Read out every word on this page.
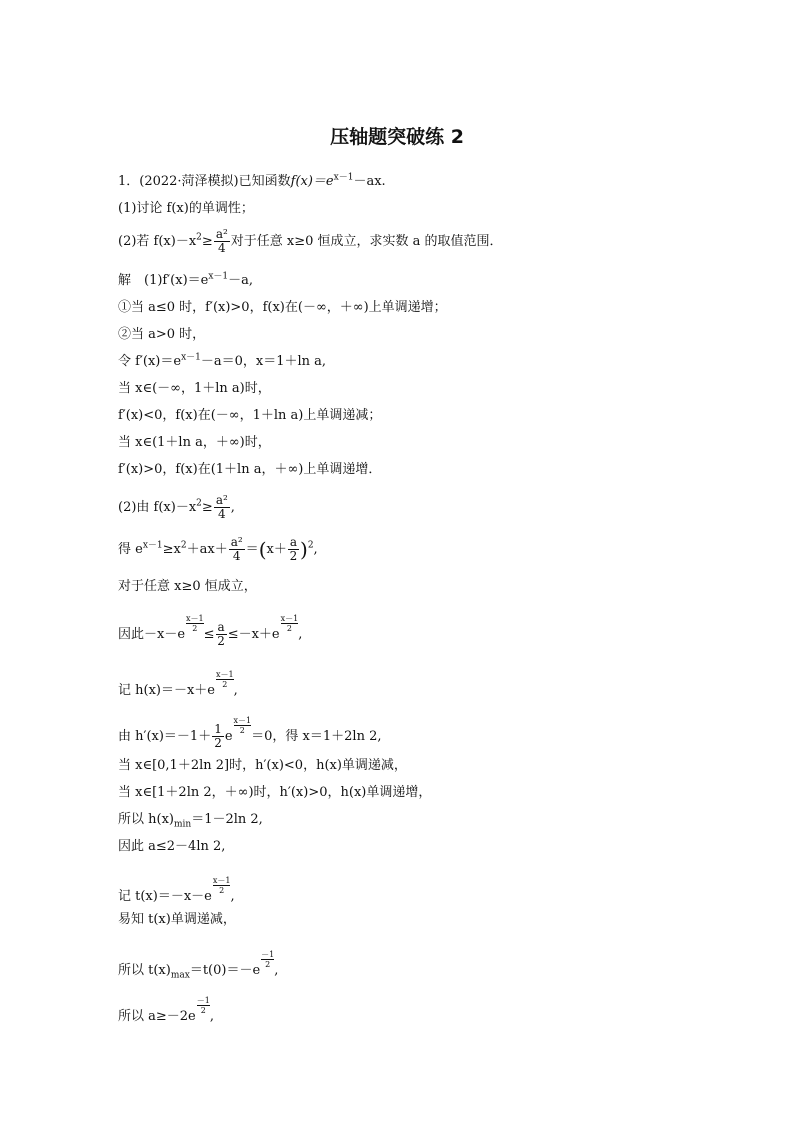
压轴题突破练 2
1．(2022·菏泽模拟)已知函数$f(x)=e^{x-1}-ax$.
(1)讨论 f(x)的单调性；
(2)若 $f(x)-x^2\ge \frac{\text{a²}}{4}$ 对于任意 x≥0 恒成立，求实数 a 的取值范围．
解　$(1)f'(x)=e^{x-1}-a$,
①当 a≤0 时，f′(x)>0，f(x)在(－∞，＋∞)上单调递增；
②当 a>0 时，
令 $f'(x)=e^{x-1}-a=0$，x＝1＋ln a,
当 x∈(－∞，1＋ln a)时，
f′(x)<0，f(x)在(－∞，1＋ln a)上单调递减；
当 x∈(1＋ln a，＋∞)时，
f′(x)>0，f(x)在(1＋ln a，＋∞)上单调递增．
(2)由 $f(x)-x^2\ge \frac{\text{a²}}{4}$ ,
得 $e^{x-1}\ge x^2+ax+ \frac{\text{a²}}{4} =(x+ \frac{a}{2} )^2$,
对于任意 x≥0 恒成立，
因此－x－e
$\frac{x-1}{2}$
≤ $\frac{a}{2} \le-x+e$
$\frac{x-1}{2}$
,
记 h(x)＝－x＋e
$\frac{x-1}{2}$
,
由 $h'(x)=-1+ \frac{1}{2}$ e
$\frac{x-1}{2}$
＝0，得 x＝1＋2ln 2,
当 x∈[0,1＋2ln 2]时，h′(x)<0，h(x)单调递减，
当 x∈[1＋2ln 2，＋∞)时，h′(x)>0，h(x)单调递增，
所以 $h(x)_{min}=1-2\ln$ 2,
因此 a≤2－4ln 2,
记 t(x)＝－x－e
$\frac{x-1}{2}$
,
易知 t(x)单调递减，
所以 $t(x)_{max}=t(0)=-e$
$\frac{-1}{2}$
,
所以 a≥－2e
$\frac{-1}{2}$
,
